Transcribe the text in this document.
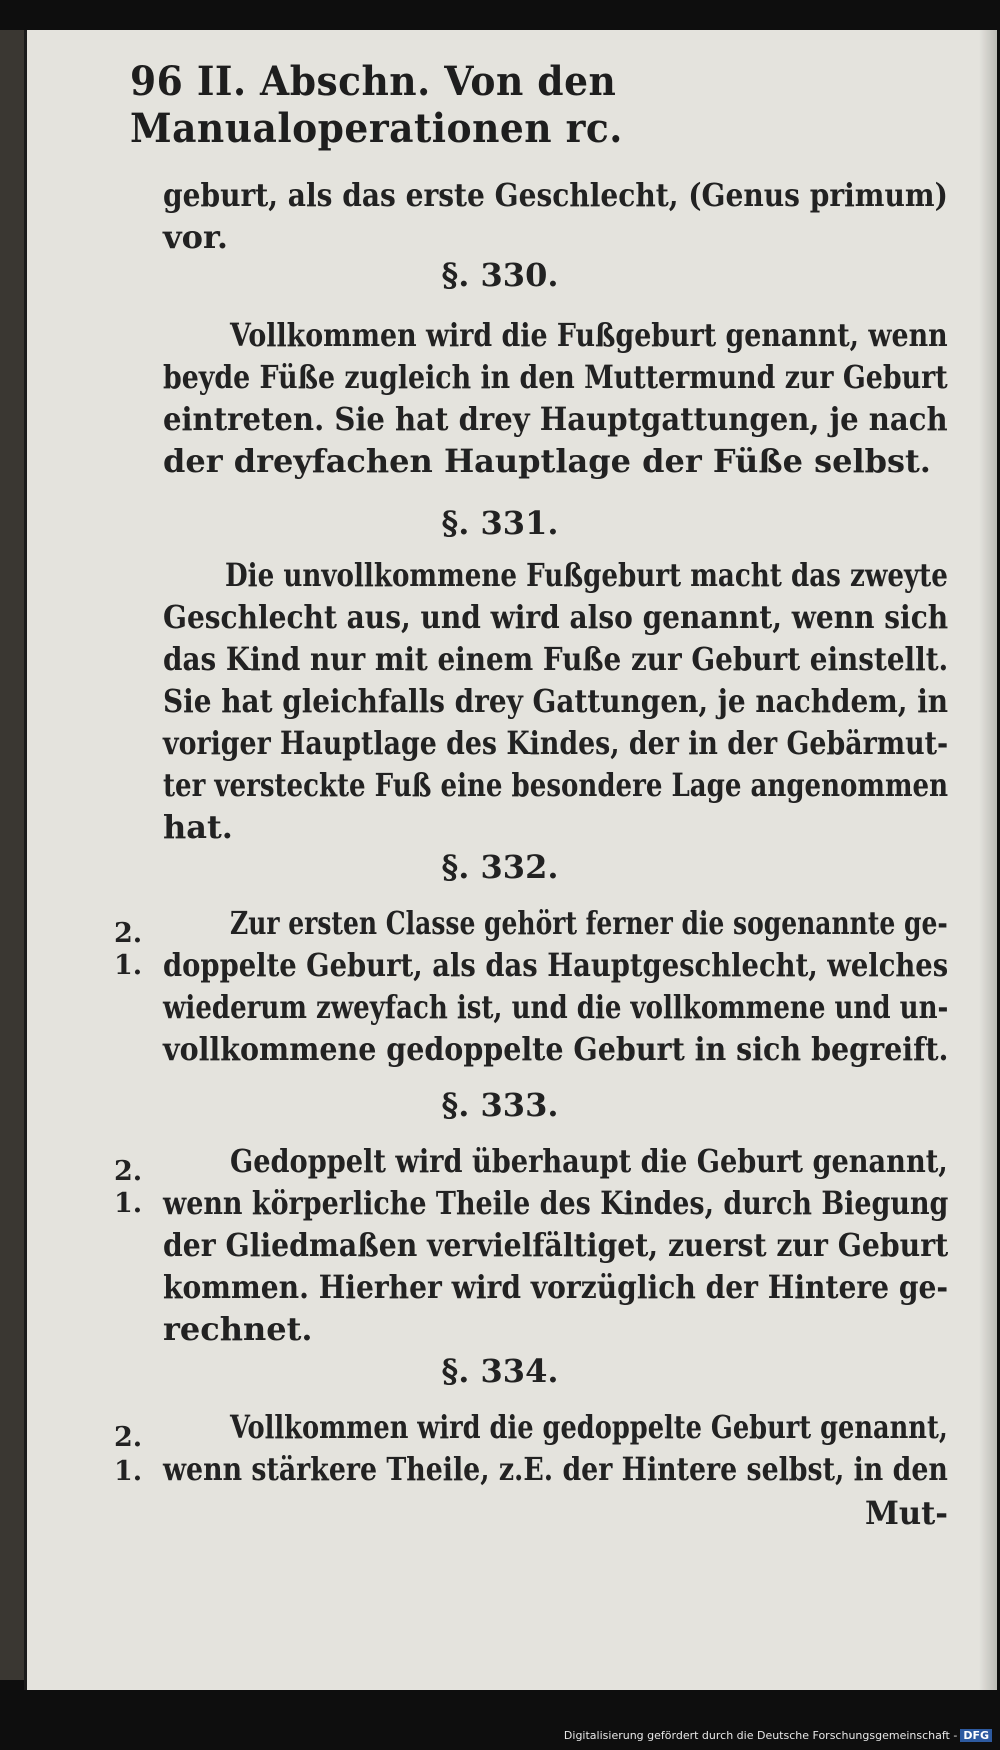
96 II. Abschn. Von den Manualoperationen rc.
geburt, als das erste Geschlecht, (Genus primum)
vor.
§. 330.
Vollkommen wird die Fußgeburt genannt, wenn
beyde Füße zugleich in den Muttermund zur Geburt
eintreten. Sie hat drey Hauptgattungen, je nach
der dreyfachen Hauptlage der Füße selbst.
§. 331.
Die unvollkommene Fußgeburt macht das zweyte
Geschlecht aus, und wird also genannt, wenn sich
das Kind nur mit einem Fuße zur Geburt einstellt.
Sie hat gleichfalls drey Gattungen, je nachdem, in
voriger Hauptlage des Kindes, der in der Gebärmut-
ter versteckte Fuß eine besondere Lage angenommen
hat.
§. 332.
2.
1.
Zur ersten Classe gehört ferner die sogenannte ge-
doppelte Geburt, als das Hauptgeschlecht, welches
wiederum zweyfach ist, und die vollkommene und un-
vollkommene gedoppelte Geburt in sich begreift.
§. 333.
2.
1.
Gedoppelt wird überhaupt die Geburt genannt,
wenn körperliche Theile des Kindes, durch Biegung
der Gliedmaßen vervielfältiget, zuerst zur Geburt
kommen. Hierher wird vorzüglich der Hintere ge-
rechnet.
§. 334.
2.
1.
Vollkommen wird die gedoppelte Geburt genannt,
wenn stärkere Theile, z.E. der Hintere selbst, in den
Mut-
Digitalisierung gefördert durch die Deutsche Forschungsgemeinschaft - DFG
